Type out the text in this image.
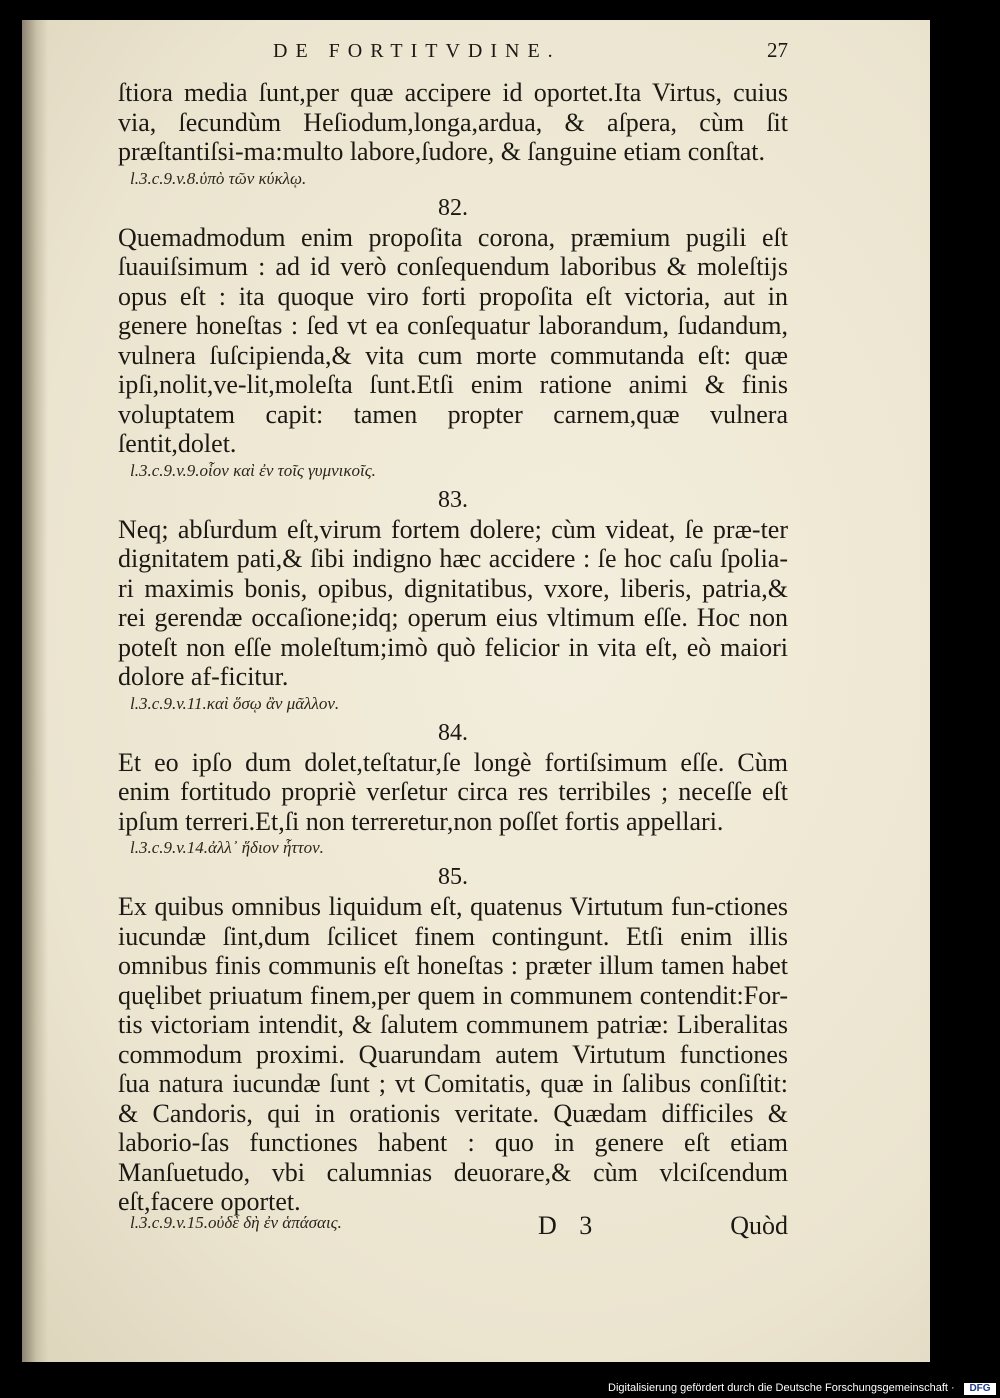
DE FORTITVDINE.	27

ſtiora media ſunt,per quæ accipere id oportet.Ita Virtus, cuius via, ſecundùm Heſiodum,longa,ardua, & aſpera, cùm ſit præſtantiſsi-ma:multo labore,ſudore, & ſanguine etiam conſtat.

l.3.c.9.v.8.ὑπὸ τῶν κύκλῳ.

82.

Quemadmodum enim propoſita corona, præmium pugili eſt ſuauiſsimum : ad id verò conſequendum laboribus & moleſtijs opus eſt : ita quoque viro forti propoſita eſt victoria, aut in genere honeſtas : ſed vt ea conſequatur laborandum, ſudandum, vulnera ſuſcipienda,& vita cum morte commutanda eſt: quæ ipſi,nolit,ve-lit,moleſta ſunt.Etſi enim ratione animi & finis voluptatem capit: tamen propter carnem,quæ vulnera ſentit,dolet.

l.3.c.9.v.9.οἷον καὶ ἐν τοῖς γυμνικοῖς.

83.

Neq; abſurdum eſt,virum fortem dolere; cùm videat, ſe præ-ter dignitatem pati,& ſibi indigno hæc accidere : ſe hoc caſu ſpolia-ri maximis bonis, opibus, dignitatibus, vxore, liberis, patria,& rei gerendæ occaſione;idq; operum eius vltimum eſſe. Hoc non poteſt non eſſe moleſtum;imò quò felicior in vita eſt, eò maiori dolore af-ficitur.

l.3.c.9.v.11.καὶ ὅσῳ ἂν μᾶλλον.

84.

Et eo ipſo dum dolet,teſtatur,ſe longè fortiſsimum eſſe. Cùm enim fortitudo propriè verſetur circa res terribiles ; neceſſe eſt ipſum terreri.Et,ſi non terreretur,non poſſet fortis appellari.

l.3.c.9.v.14.ἀλλ᾽ ἥδιον ἧττον.

85.

Ex quibus omnibus liquidum eſt, quatenus Virtutum fun-ctiones iucundæ ſint,dum ſcilicet finem contingunt. Etſi enim illis omnibus finis communis eſt honeſtas : præter illum tamen habet quęlibet priuatum finem,per quem in communem contendit:For-tis victoriam intendit, & ſalutem communem patriæ: Liberalitas commodum proximi. Quarundam autem Virtutum functiones ſua natura iucundæ ſunt ; vt Comitatis, quæ in ſalibus conſiſtit: & Candoris, qui in orationis veritate. Quædam difficiles & laborio-ſas functiones habent : quo in genere eſt etiam Manſuetudo, vbi calumnias deuorare,& cùm vlciſcendum eſt,facere oportet.

l.3.c.9.v.15.οὐδὲ δὴ ἐν ἁπάσαις.	D 3	Quòd
Digitalisierung gefördert durch die Deutsche Forschungsgemeinschaft ·	DFG
